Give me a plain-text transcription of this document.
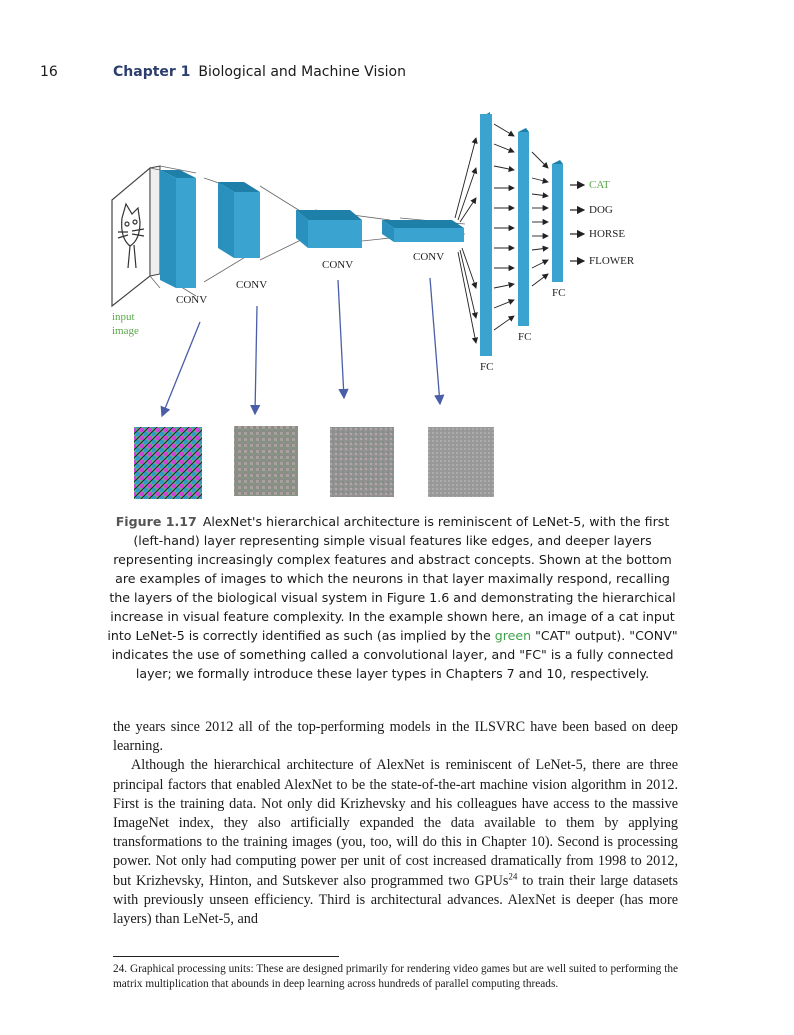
16	Chapter 1 Biological and Machine Vision
CONV
CONV
CONV
CONV
input
image
FC
FC
FC
CAT
DOG
HORSE
FLOWER
Figure 1.17 AlexNet's hierarchical architecture is reminiscent of LeNet-5, with the first (left-hand) layer representing simple visual features like edges, and deeper layers representing increasingly complex features and abstract concepts. Shown at the bottom are examples of images to which the neurons in that layer maximally respond, recalling the layers of the biological visual system in Figure 1.6 and demonstrating the hierarchical increase in visual feature complexity. In the example shown here, an image of a cat input into LeNet-5 is correctly identified as such (as implied by the green "CAT" output). "CONV" indicates the use of something called a convolutional layer, and "FC" is a fully connected layer; we formally introduce these layer types in Chapters 7 and 10, respectively.

the years since 2012 all of the top-performing models in the ILSVRC have been based on deep learning.

Although the hierarchical architecture of AlexNet is reminiscent of LeNet-5, there are three principal factors that enabled AlexNet to be the state-of-the-art machine vision algorithm in 2012. First is the training data. Not only did Krizhevsky and his colleagues have access to the massive ImageNet index, they also artificially expanded the data available to them by applying transformations to the training images (you, too, will do this in Chapter 10). Second is processing power. Not only had computing power per unit of cost increased dramatically from 1998 to 2012, but Krizhevsky, Hinton, and Sutskever also programmed two GPUs$^{24}$ to train their large datasets with previously unseen efficiency. Third is architectural advances. AlexNet is deeper (has more layers) than LeNet-5, and

24. Graphical processing units: These are designed primarily for rendering video games but are well suited to performing the matrix multiplication that abounds in deep learning across hundreds of parallel computing threads.
